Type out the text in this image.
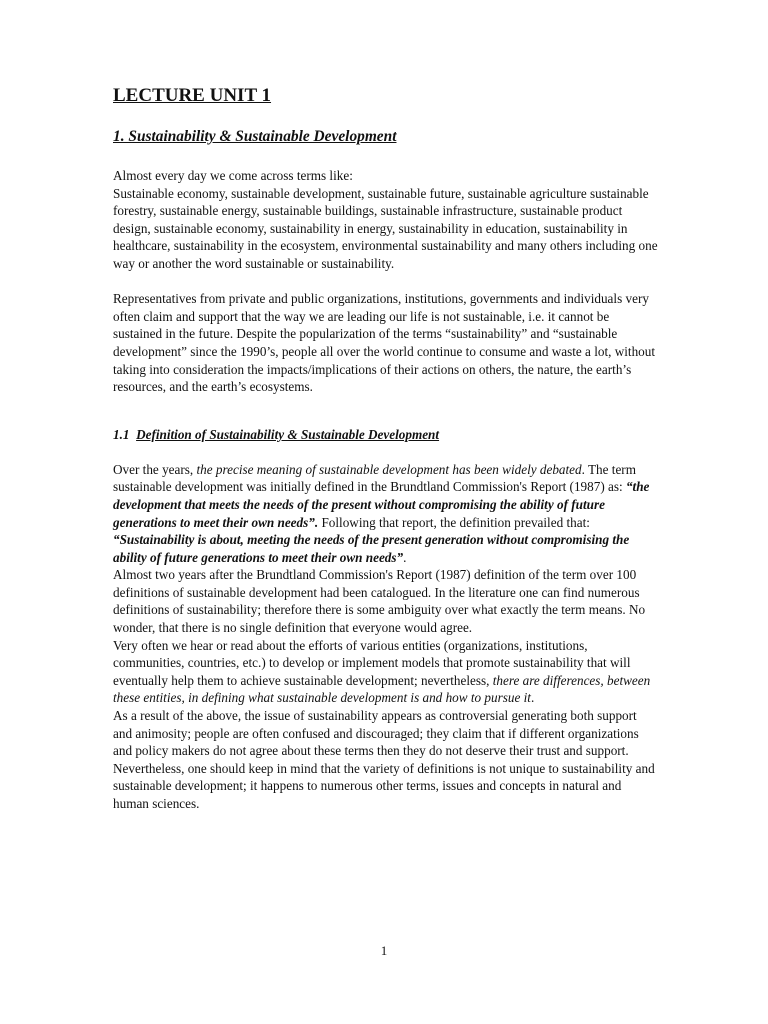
LECTURE UNIT 1
1. Sustainability & Sustainable Development

Almost every day we come across terms like:

Sustainable economy, sustainable development, sustainable future, sustainable agriculture sustainable forestry, sustainable energy, sustainable buildings, sustainable infrastructure, sustainable product design, sustainable economy, sustainability in energy, sustainability in education, sustainability in healthcare, sustainability in the ecosystem, environmental sustainability and many others including one way or another the word sustainable or sustainability.

Representatives from private and public organizations, institutions, governments and individuals very often claim and support that the way we are leading our life is not sustainable, i.e. it cannot be sustained in the future. Despite the popularization of the terms “sustainability” and “sustainable development” since the 1990’s, people all over the world continue to consume and waste a lot, without taking into consideration the impacts/implications of their actions on others, the nature, the earth’s resources, and the earth’s ecosystems.

1.1 Definition of Sustainability & Sustainable Development

Over the years, the precise meaning of sustainable development has been widely debated. The term sustainable development was initially defined in the Brundtland Commission's Report (1987) as: “the development that meets the needs of the present without compromising the ability of future generations to meet their own needs”. Following that report, the definition prevailed that: “Sustainability is about, meeting the needs of the present generation without compromising the ability of future generations to meet their own needs”.

Almost two years after the Brundtland Commission's Report (1987) definition of the term over 100 definitions of sustainable development had been catalogued. In the literature one can find numerous definitions of sustainability; therefore there is some ambiguity over what exactly the term means. No wonder, that there is no single definition that everyone would agree.

Very often we hear or read about the efforts of various entities (organizations, institutions, communities, countries, etc.) to develop or implement models that promote sustainability that will eventually help them to achieve sustainable development; nevertheless, there are differences, between these entities, in defining what sustainable development is and how to pursue it.

As a result of the above, the issue of sustainability appears as controversial generating both support and animosity; people are often confused and discouraged; they claim that if different organizations and policy makers do not agree about these terms then they do not deserve their trust and support. Nevertheless, one should keep in mind that the variety of definitions is not unique to sustainability and sustainable development; it happens to numerous other terms, issues and concepts in natural and human sciences.

1
